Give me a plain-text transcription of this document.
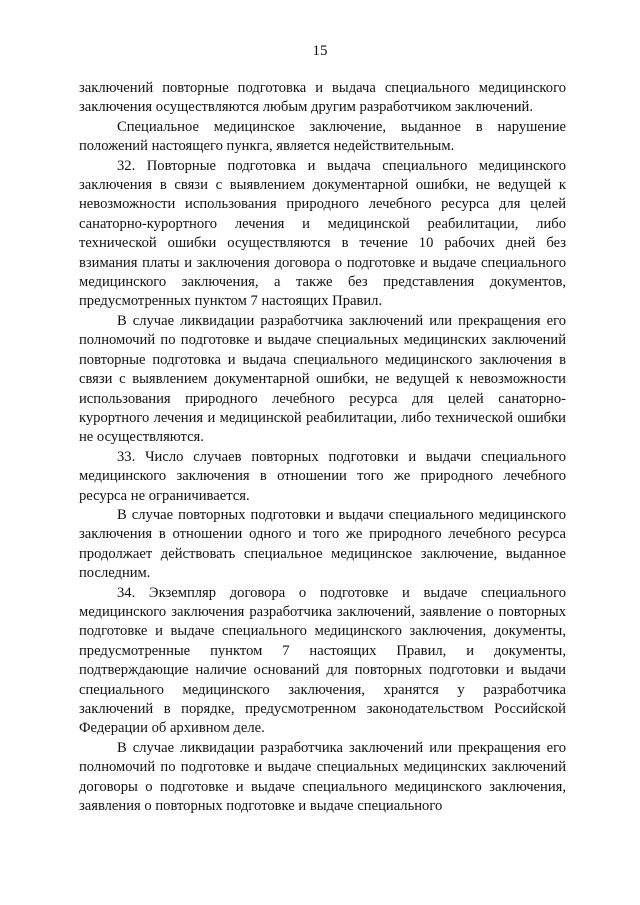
15

заключений повторные подготовка и выдача специального медицинского заключения осуществляются любым другим разработчиком заключений.

Специальное медицинское заключение, выданное в нарушение положений настоящего пункга, является недействительным.

32. Повторные подготовка и выдача специального медицинского заключения в связи с выявлением документарной ошибки, не ведущей к невозможности использования природного лечебного ресурса для целей санаторно-курортного лечения и медицинской реабилитации, либо технической ошибки осуществляются в течение 10 рабочих дней без взимания платы и заключения договора о подготовке и выдаче специального медицинского заключения, а также без представления документов, предусмотренных пунктом 7 настоящих Правил.

В случае ликвидации разработчика заключений или прекращения его полномочий по подготовке и выдаче специальных медицинских заключений повторные подготовка и выдача специального медицинского заключения в связи с выявлением документарной ошибки, не ведущей к невозможности использования природного лечебного ресурса для целей санаторно-курортного лечения и медицинской реабилитации, либо технической ошибки не осуществляются.

33. Число случаев повторных подготовки и выдачи специального медицинского заключения в отношении того же природного лечебного ресурса не ограничивается.

В случае повторных подготовки и выдачи специального медицинского заключения в отношении одного и того же природного лечебного ресурса продолжает действовать специальное медицинское заключение, выданное последним.

34. Экземпляр договора о подготовке и выдаче специального медицинского заключения разработчика заключений, заявление о повторных подготовке и выдаче специального медицинского заключения, документы, предусмотренные пунктом 7 настоящих Правил, и документы, подтверждающие наличие оснований для повторных подготовки и выдачи специального медицинского заключения, хранятся у разработчика заключений в порядке, предусмотренном законодательством Российской Федерации об архивном деле.

В случае ликвидации разработчика заключений или прекращения его полномочий по подготовке и выдаче специальных медицинских заключений договоры о подготовке и выдаче специального медицинского заключения, заявления о повторных подготовке и выдаче специального
